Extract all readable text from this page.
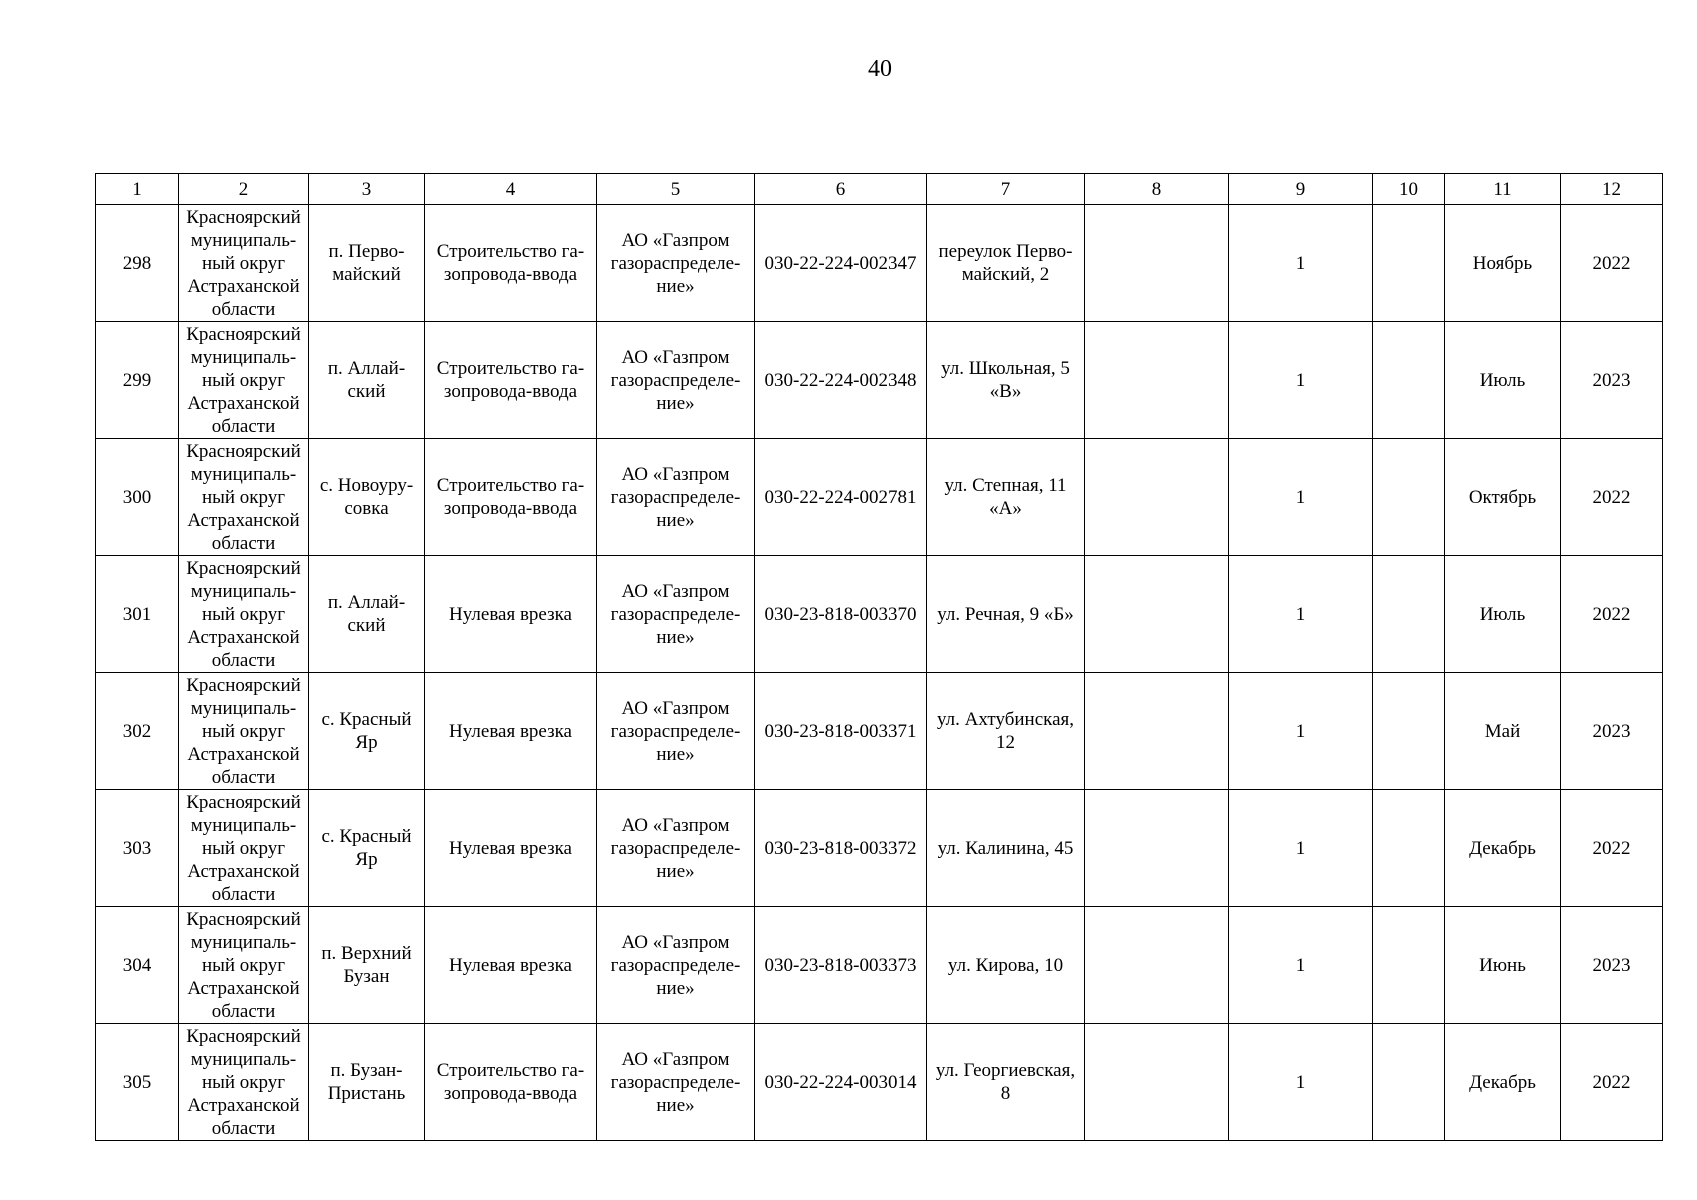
40
1	2	3	4	5	6	7	8	9	10	11	12
298	Красноярский
муниципаль-
ный округ
Астраханской
области	п. Перво-
майский	Строительство га-
зопровода-ввода	АО «Газпром
газораспределе-
ние»	030-22-224-002347	переулок Перво-
майский, 2		1		Ноябрь	2022
299	Красноярский
муниципаль-
ный округ
Астраханской
области	п. Аллай-
ский	Строительство га-
зопровода-ввода	АО «Газпром
газораспределе-
ние»	030-22-224-002348	ул. Школьная, 5
«В»		1		Июль	2023
300	Красноярский
муниципаль-
ный округ
Астраханской
области	с. Новоуру-
совка	Строительство га-
зопровода-ввода	АО «Газпром
газораспределе-
ние»	030-22-224-002781	ул. Степная, 11
«А»		1		Октябрь	2022
301	Красноярский
муниципаль-
ный округ
Астраханской
области	п. Аллай-
ский	Нулевая врезка	АО «Газпром
газораспределе-
ние»	030-23-818-003370	ул. Речная, 9 «Б»		1		Июль	2022
302	Красноярский
муниципаль-
ный округ
Астраханской
области	с. Красный
Яр	Нулевая врезка	АО «Газпром
газораспределе-
ние»	030-23-818-003371	ул. Ахтубинская,
12		1		Май	2023
303	Красноярский
муниципаль-
ный округ
Астраханской
области	с. Красный
Яр	Нулевая врезка	АО «Газпром
газораспределе-
ние»	030-23-818-003372	ул. Калинина, 45		1		Декабрь	2022
304	Красноярский
муниципаль-
ный округ
Астраханской
области	п. Верхний
Бузан	Нулевая врезка	АО «Газпром
газораспределе-
ние»	030-23-818-003373	ул. Кирова, 10		1		Июнь	2023
305	Красноярский
муниципаль-
ный округ
Астраханской
области	п. Бузан-
Пристань	Строительство га-
зопровода-ввода	АО «Газпром
газораспределе-
ние»	030-22-224-003014	ул. Георгиевская,
8		1		Декабрь	2022
